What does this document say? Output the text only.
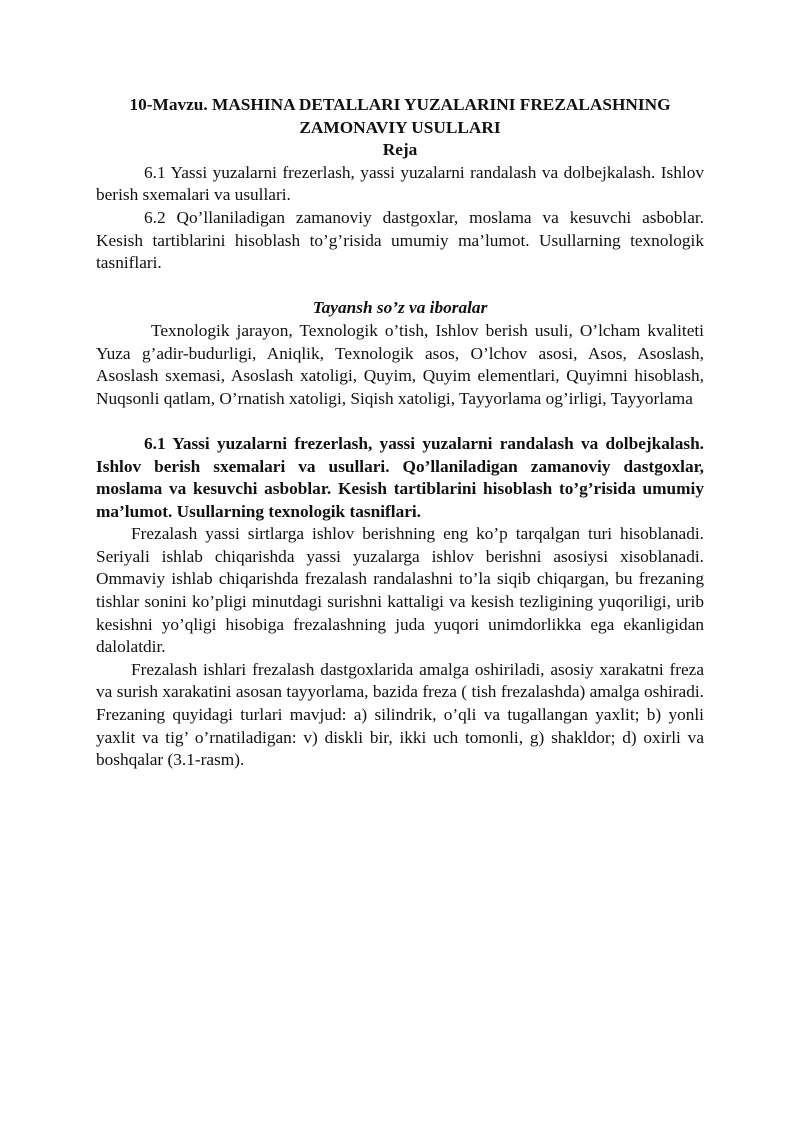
10-Mavzu. MASHINA DETALLARI YUZALARINI FREZALASHNING

ZAMONAVIY USULLARI

Reja

6.1 Yassi yuzalarni frezerlash, yassi yuzalarni randalash va dolbejkalash. Ishlov berish sxemalari va usullari.

6.2 Qo’llaniladigan zamanoviy dastgoxlar, moslama va kesuvchi asboblar. Kesish tartiblarini hisoblash to’g’risida umumiy ma’lumot. Usullarning texnologik tasniflari.

Tayansh so’z va iboralar

Texnologik jarayon, Texnologik o’tish, Ishlov berish usuli, O’lcham kvaliteti Yuza g’adir-budurligi, Aniqlik, Texnologik asos, O’lchov asosi, Asos, Asoslash, Asoslash sxemasi, Asoslash xatoligi, Quyim, Quyim elementlari, Quyimni hisoblash, Nuqsonli qatlam, O’rnatish xatoligi, Siqish xatoligi, Tayyorlama og’irligi, Tayyorlama

6.1 Yassi yuzalarni frezerlash, yassi yuzalarni randalash va dolbejkalash. Ishlov berish sxemalari va usullari. Qo’llaniladigan zamanoviy dastgoxlar, moslama va kesuvchi asboblar. Kesish tartiblarini hisoblash to’g’risida umumiy ma’lumot. Usullarning texnologik tasniflari.

Frezalash yassi sirtlarga ishlov berishning eng ko’p tarqalgan turi hisoblanadi. Seriyali ishlab chiqarishda yassi yuzalarga ishlov berishni asosiysi xisoblanadi. Ommaviy ishlab chiqarishda frezalash randalashni to’la siqib chiqargan, bu frezaning tishlar sonini ko’pligi minutdagi surishni kattaligi va kesish tezligining yuqoriligi, urib kesishni yo’qligi hisobiga frezalashning juda yuqori unimdorlikka ega ekanligidan dalolatdir.

Frezalash ishlari frezalash dastgoxlarida amalga oshiriladi, asosiy xarakatni freza va surish xarakatini asosan tayyorlama, bazida freza ( tish frezalashda) amalga oshiradi. Frezaning quyidagi turlari mavjud: a) silindrik, o’qli va tugallangan yaxlit; b) yonli yaxlit va tig’ o’rnatiladigan: v) diskli bir, ikki uch tomonli, g) shakldor; d) oxirli va boshqalar (3.1-rasm).
